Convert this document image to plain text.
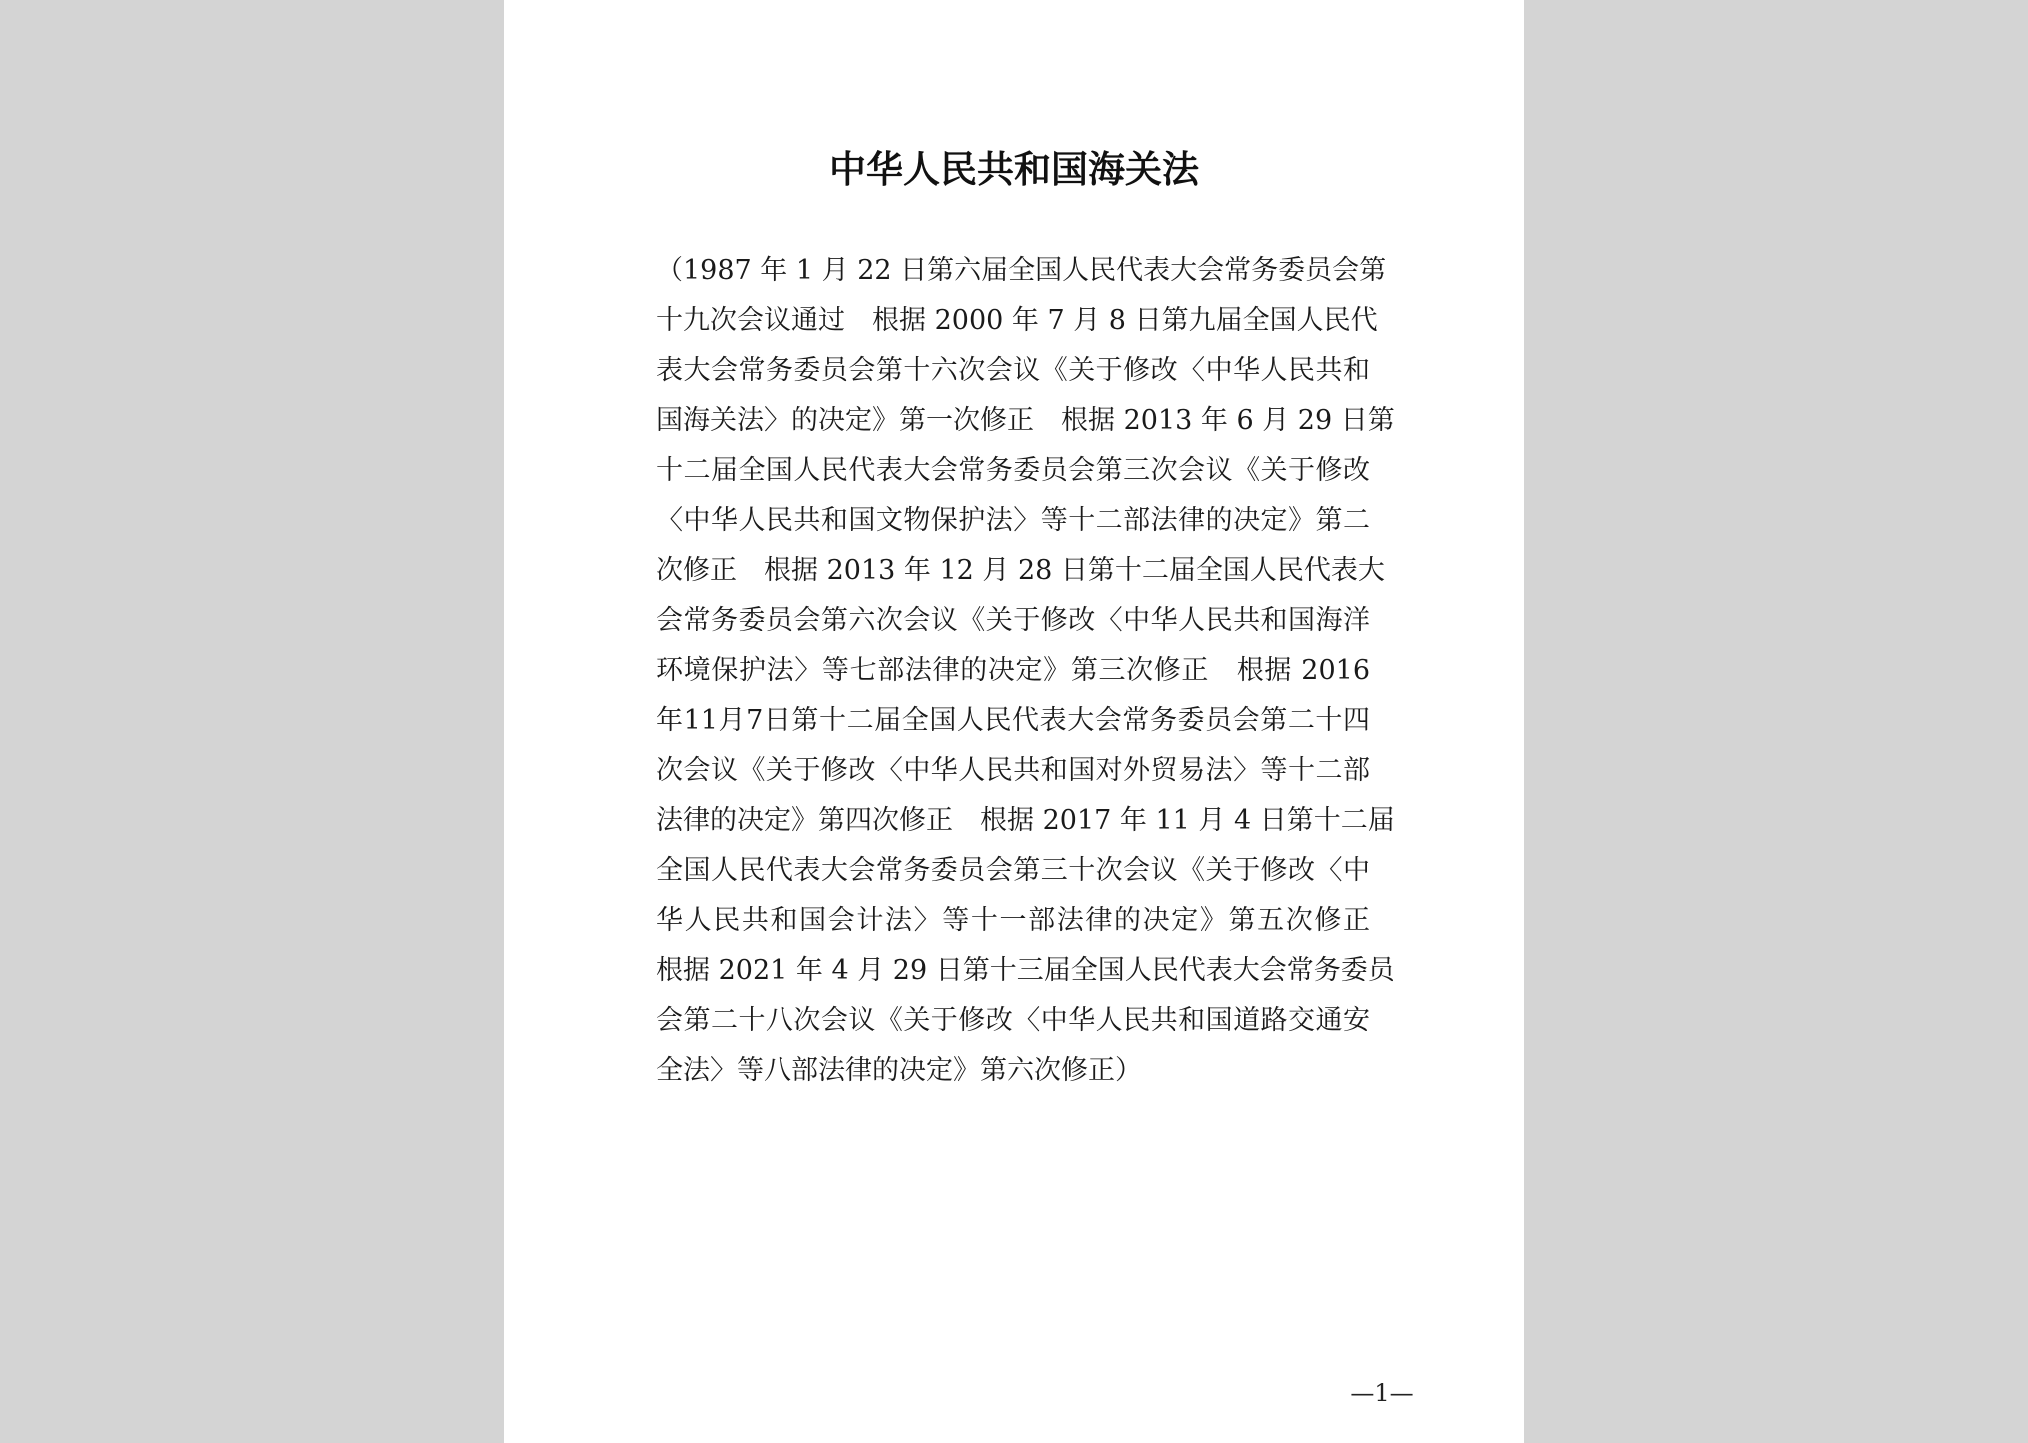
中华人民共和国海关法
（1987 年 1 月 22 日第六届全国人民代表大会常务委员会第
十九次会议通过　根据 2000 年 7 月 8 日第九届全国人民代
表大会常务委员会第十六次会议《关于修改〈中华人民共和
国海关法〉的决定》第一次修正　根据 2013 年 6 月 29 日第
十二届全国人民代表大会常务委员会第三次会议《关于修改
〈中华人民共和国文物保护法〉等十二部法律的决定》第二
次修正　根据 2013 年 12 月 28 日第十二届全国人民代表大
会常务委员会第六次会议《关于修改〈中华人民共和国海洋
环境保护法〉等七部法律的决定》第三次修正　根据 2016
年11月7日第十二届全国人民代表大会常务委员会第二十四
次会议《关于修改〈中华人民共和国对外贸易法〉等十二部
法律的决定》第四次修正　根据 2017 年 11 月 4 日第十二届
全国人民代表大会常务委员会第三十次会议《关于修改〈中
华人民共和国会计法〉等十一部法律的决定》第五次修正
根据 2021 年 4 月 29 日第十三届全国人民代表大会常务委员
会第二十八次会议《关于修改〈中华人民共和国道路交通安
全法〉等八部法律的决定》第六次修正）
—1—
